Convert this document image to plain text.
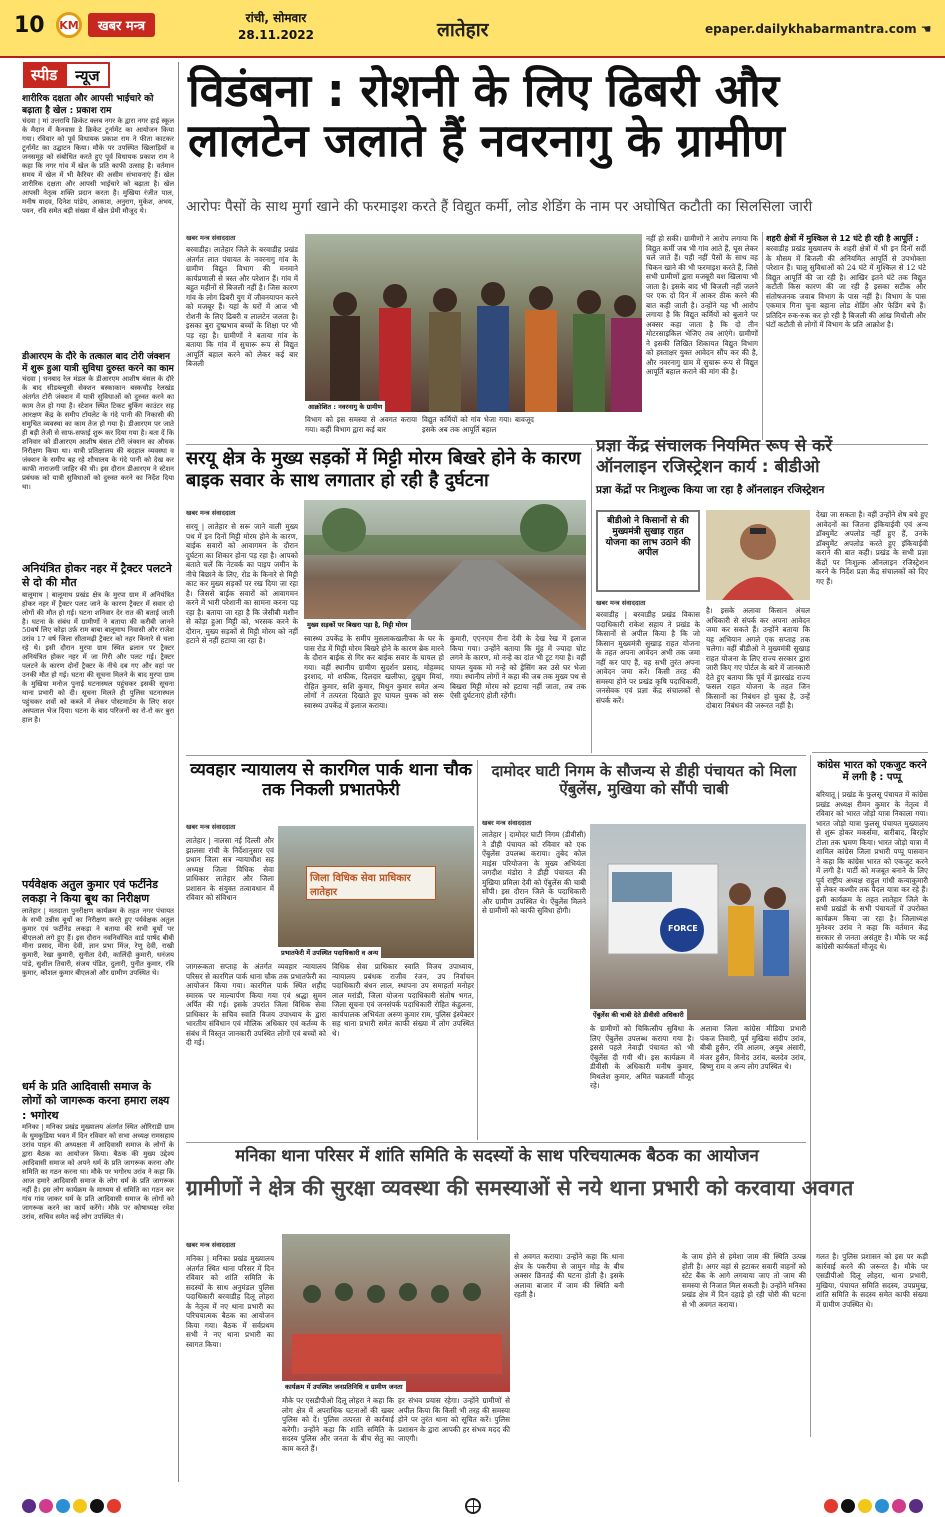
10 KM	खबर मन्त्र
रांची, सोमवार
28.11.2022	लातेहार	epaper.dailykhabarmantra.com ☚
स्पीड	न्यूज
शारीरिक दक्षता और आपसी भाईचारे को बढ़ाता है खेल : प्रकाश राम
चंदवा | मां उत्तरायि क्रिकेट क्लब नगर के द्वारा नगर हाई स्कूल के मैदान में कैनवास डे क्रिकेट टूर्नामेंट का आयोजन किया गया। रविवार को पूर्व विधायक प्रकाश राम ने फीता काटकर टूर्नामेंट का उद्घाटन किया। मौके पर उपस्थित खिलाड़ियों व जनसमूह को संबोधित करते हुए पूर्व विधायक प्रकाश राम ने कहा कि नगर गांव में खेल के प्रति काफी उत्साह है। वर्तमान समय में खेल में भी कैरियर की असीम संभावनाएं हैं। खेल शारीरिक दक्षता और आपसी भाईचारे को बढ़ाता है। खेल आपसी नेतृत्व शक्ति प्रदान करता है। मुखिया रंजीत पाल, मनीष यादव, दिनेश पांडेय, आकाश, अनुराग, मुकेश, अभय, पवन, रवि समेत बड़ी संख्या में खेल प्रेमी मौजूद थे।
डीआरएम के दौरे के तत्काल बाद टोरी जंक्शन में शुरू हुआ यात्री सुविधा दुरुस्त करने का काम
चंदवा | धनबाद रेल मंडल के डीआरएम आशीष बंसल के दौरे के बाद सीडब्ल्यूसी सेक्शन बस्काकान बस्कचौड़ रेलखंड अंतर्गत टोरी जंक्शन में यात्री सुविधाओं को दुरुस्त करने का काम तेज हो गया है। स्टेशन स्थित टिकट बुकिंग काउंटर सह आरक्षण केंद्र के समीप टॉयलेट के गंदे पानी की निकासी की समुचित व्यवस्था का काम तेज हो गया है। डीआरएम पर जाते ही बड़ी तेजी से साफ-सफाई शुरू कर दिया गया है। बता दें कि शनिवार को डीआरएम आशीष बंसल टोरी जंक्शन का औचक निरीक्षण किया था। यात्री प्रतिक्षालय की बदहाल व्यवस्था व जंक्शन के समीप बह रहे शौचालय के गंदे पानी को देख कर काफी नाराजगी जाहिर की थी। इस दौरान डीआरएम ने स्टेशन प्रबंधक को यात्री सुविधाओं को दुरुस्त करने का निर्देश दिया था।
अनियंत्रित होकर नहर में ट्रैक्टर पलटने से दो की मौत
बालूमाथ | बालूमाथ प्रखंड क्षेत्र के मुरपा ग्राम में अनियंत्रित होकर नहर में ट्रैक्टर पलट जाने के कारण ट्रैक्टर में सवार दो लोगों की मौत हो गई। घटना शनिवार देर रात की बताई जाती है। घटना के संबंध में ग्रामीणों ने बताया की करीबी जानने 50वर्ष लिए कोड़ा उर्फ़ राम बाबा बालूमाथ निवासी और राजेश उरांव 17 वर्ष जिला सीतामढ़ी ट्रैक्टर को नहर किनारे से चला रहे थे। इसी दौरान मुरपा ग्राम स्थित ढलान पर ट्रैक्टर अनियंत्रित होकर नहर में जा गिरी और पलट गई। ट्रैक्टर पलटने के कारण दोनों ट्रैक्टर के नीचे दब गए और वहां पर उनकी मौत हो गई। घटना की सूचना मिलने के बाद मुरपा ग्राम के मुखिया मनोज पुनाई घटनास्थल पहुंचकर इसकी सूचना थाना प्रभारी को दी। सूचना मिलते ही पुलिस घटनास्थल पहुंचकर शवों को कब्जे में लेकर पोस्टमार्टम के लिए सदर अस्पताल भेज दिया। घटना के बाद परिजनों का रो-रो कर बुरा हाल है।
पर्यवेक्षक अतुल कुमार एवं फर्टीनेड लकड़ा ने किया बूथ का निरीक्षण
लातेहार | मतदाता पुनरीक्षण कार्यक्रम के तहत नगर पंचायत के सभी उन्नीस बूथों का निरीक्षण करते हुए पर्यवेक्षक अतुल कुमार एवं फर्टीनेड लकड़ा ने बताया की सभी बूथों पर बीएलओ लगे हुए हैं। इस दौरान नवनिर्वाचित वार्ड पार्षद बीबी मीना प्रसाद, मीना देवी, ज्ञान प्रभा मिंज, रेणु देवी, राखी कुमारी, रेखा कुमारी, सुनीता देवी, कालिंदी कुमारी, धनंजय पांडे, सुशील तिवारी, संजय पंडित, दुलारी, पुनीत कुमार, रवि कुमार, कौशल कुमार बीएलओ और ग्रामीण उपस्थित थे।
धर्म के प्रति आदिवासी समाज के लोगों को जागरूक करना हमारा लक्ष्य : भगोरथ
मनिका | मनिका प्रखंड मुख्यालय अंतर्गत स्थित ओरिराडी ग्राम के धुमकुडिया भवन में दिन रविवार को सभा अध्यक्ष रामसहाय उरांव पाहन की अध्यक्षता में आदिवासी समाज के लोगों के द्वारा बैठक का आयोजन किया। बैठक की मुख्य उद्देश्य आदिवासी समाज को अपने धर्म के प्रति जागरूक करना और समिति का गठन करना था। मौके पर भगोरथ उरांव ने कहा कि आज हमारे आदिवासी समाज के लोग धर्म के प्रति जागरूक नहीं है। इस लोग कार्यक्रम के माध्यम से समिति का गठन कर गांव गांव जाकर धर्म के प्रति आदिवासी समाज के लोगों को जागरूक करने का कार्य करेंगे। मौके पर कोषाध्यक्ष रमेश उरांव, सचिव समेत कई लोग उपस्थित थे।
विडंबना : रोशनी के लिए ढिबरी और
लालटेन जलाते हैं नवरनागु के ग्रामीण
आरोपः पैसों के साथ मुर्गा खाने की फरमाइश करते हैं विद्युत कर्मी, लोड शेडिंग के नाम पर अघोषित कटौती का सिलसिला जारी
खबर मन्त्र संवाददाता
बरवाडीह। लातेहार जिले के बरवाडीह प्रखंड अंतर्गत लात पंचायत के नवरनागु गांव के ग्रामीण विद्युत विभाग की मनमाने कार्यप्रणाली से त्रस्त और परेशान हैं। गांव में बहुत महीनों से बिजली नहीं है। जिस कारण गांव के लोग ढिबरी युग में जीवनयापन करने को मजबूर हैं। यहां के घरों में आज भी रोशनी के लिए ढिबरी व लालटेन जलता है। इसका बुरा दुष्प्रभाव बच्चों के शिक्षा पर भी पड़ रहा है। ग्रामीणों ने बताया गांव के बताया कि गांव में सुचारू रूप से विद्युत आपूर्ति बहाल करने को लेकर कई बार बिजली
आक्रोशित : नवरनागु के ग्रामीण
विभाग को इस समस्या से अवगत कराया गया। कहीं विभाग द्वारा कई बार
विद्युत कर्मियों को गांव भेजा गया। बावजूद इसके अब तक आपूर्ति बहाल
नहीं हो सकी। ग्रामीणों ने आरोप लगाया कि विद्युत कर्मी जब भी गांव आते हैं, घूस लेकर चले जाते हैं। यही नहीं पैसों के साथ वह चिकन खाने की भी फरमाइश करते हैं, जिसे सभी ग्रामीणों द्वारा मजबूरी वश खिलाया भी जाता है। इसके बाद भी बिजली नहीं जलने पर एक दो दिन में आकर ठीक करने की बात कही जाती है। उन्होंने यह भी आरोप लगाया है कि विद्युत कर्मियों को बुलाने पर अक्सर कहा जाता है कि दो तीन मोटरसाइकिल भेजिए तब आएंगे। ग्रामीणों ने इसकी लिखित शिकायत विद्युत विभाग को हस्ताक्षर युक्त आवेदन सौंप कर की है, और नवरनागु ग्राम में सुचारू रूप से विद्युत आपूर्ति बहाल कराने की मांग की है।
शहरी क्षेत्रों में मुश्किल से 12 घंटे ही रही है आपूर्ति :
बरवाडीह प्रखंड मुख्यालय के शहरी क्षेत्रों में भी इन दिनों सर्दी के मौसम में बिजली की अनियमित आपूर्ति से उपभोक्ता परेशान हैं। चालू सुविधाओं को 24 घंटे में मुश्किल से 12 घंटे विद्युत आपूर्ति की जा रही है। आखिर इतने घंटे तक विद्युत कटौती किस कारण की जा रही है इसका सटीक और संतोषजनक जवाब विभाग के पास नहीं है। विभाग के पास एकमात्र गिना चुना बहाना लोड शेडिंग और फेडिंग बचे हैं। प्रतिदिन रुक-रुक कर हो रही है बिजली की आंख मिचौली और घंटों कटौती से लोगों में विभाग के प्रति आक्रोश है।
सरयू क्षेत्र के मुख्य सड़कों में मिट्टी मोरम बिखरे होने के कारण बाइक सवार के साथ लगातार हो रही है दुर्घटना
खबर मन्त्र संवाददाता
सरयू | लातेहार से सरू जाने वाली मुख्य पथ में इन दिनों मिट्टी मोरम होने के कारण, बाईक सवारों को आवागमन के दौरान दुर्घटना का शिकार होना पड़ रहा है। आपको बताते चलें कि नेटवर्क का पाइप जमीन के नीचे बिछाने के लिए, रोड के किनारे से मिट्टी काट कर मुख्य सड़कों पर रख दिया जा रहा है। जिससे बाईक सवारों को आवागमन करने में भारी परेशानी का सामना करना पड़ रहा है। बताया जा रहा है कि जेसीबी मशीन से कोड़ा हुआ मिट्टी को, भरसक करने के दौरान, मुख्य सड़कों से मिट्टी मोरम को नहीं हटाने से नहीं हटाया जा रहा है।
मुख्य सड़कों पर बिखरा पड़ा है, मिट्टी मोरम
स्वास्थ्य उपकेंद्र के समीप मुसलाकखलीफा के घर के पास रोड में मिट्टी मोरम बिखरे होने के कारण ब्रेक मारने के दौरान बाईक से गिर कर बाईक सवार के घायल हो गया। वहीं स्थानीय ग्रामीण सुदर्शन प्रसाद, मोहम्मद इरशाद, मो शफीक, दिलदार खलीफा, दुखुम मियां, रोहित कुमार, सशि कुमार, मिथुन कुमार समेत अन्य लोगों ने तत्परता दिखाते हुए घायल युवक को सरू स्वास्थ्य उपकेंद्र में इलाज कराया।
कुमारी, एएनएम रीना देवी के देख रेख में इलाज किया गया। उन्होंने बताया कि मुंह में ज्यादा चोट लगने के कारण, मो नन्हे का दांत भी टूट गया है। वहीं घायल युवक मो नन्हे को ड्रेसिंग कर उसे घर भेजा गया। स्थानीय लोगों ने कहा की जब तक मुख्य पथ से बिखरा मिट्टी मोरम को हटाया नहीं जाता, तब तक ऐसी दुर्घटनाएं होती रहेंगी।
प्रज्ञा केंद्र संचालक नियमित रूप से करें
ऑनलाइन रजिस्ट्रेशन कार्य : बीडीओ
प्रज्ञा केंद्रों पर निःशुल्क किया जा रहा है ऑनलाइन रजिस्ट्रेशन
बीडीओ ने किसानों से की मुख्यमंत्री सुखाड़ राहत योजना का लाभ उठाने की अपील
खबर मन्त्र संवाददाता
बरवाडीह | बरवाडीह प्रखंड विकास पदाधिकारी राकेश सहाय ने प्रखंड के किसानों से अपील किया है कि जो किसान मुख्यमंत्री सुखाड़ राहत योजना के तहत अपना आवेदन अभी तक जमा नहीं कर पाए हैं, वह सभी तुरंत अपना आवेदन जमा करें। किसी तरह की समस्या होने पर प्रखंड कृषि पदाधिकारी, जनसेवक एवं प्रज्ञा केंद्र संचालकों से संपर्क करें।
है। इसके अलावा किसान अंचल अधिकारी से संपर्क कर अपना आवेदन जमा कर सकते हैं। उन्होंने बताया कि यह अभियान अगले एक सप्ताह तक चलेगा। वहीं बीडीओ ने मुख्यमंत्री सुखाड़ राहत योजना के लिए राज्य सरकार द्वारा जारी किए गए पोर्टल के बारे में जानकारी देते हुए बताया कि पूर्व में झारखंड राज्य फसल राहत योजना के तहत जिन किसानों का निबंधन हो चुका है, उन्हें दोबारा निबंधन की जरूरत नहीं है।
देखा जा सकता है। वहीं उन्होंने शेष बचे हुए आवेदनों का जितना इंकियाईवी एवं अन्य डॉक्युमेंट अपलोड नहीं हुए हैं, उनके डॉक्युमेंट अपलोड करते हुए इंकियाईवी कराने की बात कही। प्रखंड के सभी प्रज्ञा केंद्रों पर निःशुल्क ऑनलाइन रजिस्ट्रेशन करने के निर्देश प्रज्ञा केंद्र संचालकों को दिए गए हैं।
कांग्रेस भारत को एकजुट करने में लगी है : पप्पू
बरियातू | प्रखंड के फुलसू पंचायत में कांग्रेस प्रखंड अध्यक्ष रीमन कुमार के नेतृत्व में रविवार को भारत जोड़ो यात्रा निकाला गया। भारत जोड़ो यात्रा फुलसू पंचायत मुख्यालय से शुरू होकर मकर्समा, बारीबाद, बिरहोर टोला तक भ्रमण किया। भारत जोड़ो यात्रा में शामिल कांग्रेस जिला प्रभारी पप्पू पासवान ने कहा कि कांग्रेस भारत को एकजुट करने में लगी है। पार्टी को मजबूत बनाने के लिए पूर्व राष्ट्रीय अध्यक्ष राहुल गांधी कन्याकुमारी से लेकर कश्मीर तक पैदल यात्रा कर रहे हैं। इसी कार्यक्रम के तहत लातेहार जिले के सभी प्रखंडों के सभी पंचायतों में उपरोक्त कार्यक्रम किया जा रहा है। जिलाध्यक्ष मुनेश्वर उरांव ने कहा कि वर्तमान केंद्र सरकार से जनता असंतुष्ट है। मौके पर कई कांग्रेसी कार्यकर्ता मौजूद थे।
व्यवहार न्यायालय से कारगिल पार्क थाना चौक तक निकली प्रभातफेरी
खबर मन्त्र संवाददाता
लातेहार | नालसा नई दिल्ली और झालसा रांची के निर्देशानुसार एवं प्रधान जिला सत्र न्यायाधीश सह अध्यक्ष जिला विधिक सेवा प्राधिकार लातेहार और जिला प्रशासन के संयुक्त तत्वावधान में रविवार को संविधान
जिला विधिक सेवा प्राधिकार लातेहार
प्रभातफेरी में उपस्थित पदाधिकारी व अन्य
जागरूकता सप्ताह के अंतर्गत व्यवहार न्यायालय परिसर से कारगिल पार्क थाना चौक तक प्रभातफेरी का आयोजन किया गया। कारगिल पार्क स्थित शहीद स्मारक पर माल्यार्पण किया गया एवं श्रद्धा सुमन अर्पित की गई। इसके उपरांत जिला विधिक सेवा प्राधिकार के सचिव स्वाति विजय उपाध्याय के द्वारा भारतीय संविधान एवं मौलिक अधिकार एवं कर्तव्य के संबंध में विस्तृत जानकारी उपस्थित लोगों एवं बच्चों को दी गई।
विधिक सेवा प्राधिकार स्वाति विजय उपाध्याय, न्यायालय प्रबंधक राजीव रंजन, उप निर्वाचन पदाधिकारी बंधन लाल, स्थापना उप समाहर्ता मनोहर लाल मरांडी, जिला योजना पदाधिकारी संतोष भगत, जिला सूचना एवं जनसंपर्क पदाधिकारी रोहित कंडुलना, कार्यपालक अभियंता अरुण कुमार राम, पुलिस इंस्पेक्टर सह थाना प्रभारी समेत काफी संख्या में लोग उपस्थित थे।
दामोदर घाटी निगम के सौजन्य से डीही पंचायत को मिला ऐंबुलेंस, मुखिया को सौंपी चाबी
खबर मन्त्र संवाददाता
लातेहार | दामोदर घाटी निगम (डीवीसी) ने डीही पंचायत को रविवार को एक ऐंबुलेंस उपलब्ध कराया। तुबेद कोल माइंस परियोजना के मुख्य अभियंता जगदीश मंडोरा ने डीही पंचायत की मुखिया प्रमिला देवी को ऐंबुलेंस की चाबी सौंपी। इस दौरान जिले के पदाधिकारी और ग्रामीण उपस्थित थे। ऐंबुलेंस मिलने से ग्रामीणों को काफी सुविधा होगी।
FORCE
ऐंबुलेंस की चाबी देते डीवीसी अधिकारी
के ग्रामीणों को चिकित्सीय सुविधा के लिए ऐंबुलेंस उपलब्ध कराया गया है। इससे पहले नेवाड़ी पंचायत को भी ऐंबुलेंस दी गयी थी। इस कार्यक्रम में डीवीसी के अधिकारी मनीष कुमार, मिथलेश कुमार, अमित चक्रवर्ती मौजूद रहे।
अलावा जिला कांग्रेस मीडिया प्रभारी पंकज तिवारी, पूर्व मुखिया संदीप उरांव, बीबी हुसैन, रवि आलम, अयुब अंसारी, मंजर हुसैन, विनोद उरांव, बलदेव उरांव, बिष्णु राम व अन्य लोग उपस्थित थे।
मनिका थाना परिसर में शांति समिति के सदस्यों के साथ परिचयात्मक बैठक का आयोजन
ग्रामीणों ने क्षेत्र की सुरक्षा व्यवस्था की समस्याओं से नये थाना प्रभारी को करवाया अवगत
खबर मन्त्र संवाददाता
मनिका | मनिका प्रखंड मुख्यालय अंतर्गत स्थित थाना परिसर में दिन रविवार को शांति समिति के सदस्यों के साथ अनुमंडल पुलिस पदाधिकारी बरवाडीह दिलू लोहरा के नेतृत्व में नए थाना प्रभारी का परिचयात्मक बैठक का आयोजन किया गया। बैठक में सर्वप्रथम सभी ने नए थाना प्रभारी का स्वागत किया।
कार्यक्रम में उपस्थित जनप्रतिनिधि व ग्रामीण जनता
मौके पर एसडीपीओ दिलू लोहरा ने कहा कि लोग क्षेत्र में अपराधिक घटनाओं की खबर पुलिस को दें। पुलिस तत्परता से कार्रवाई करेगी। उन्होंने कहा कि शांति समिति के सदस्य पुलिस और जनता के बीच सेतु का काम करते हैं।
हर संभव प्रयास रहेगा। उन्होंने ग्रामीणों से अपील किया कि किसी भी तरह की समस्या होने पर तुरंत थाना को सूचित करें। पुलिस प्रशासन के द्वारा आपकी हर संभव मदद की जाएगी।
से अवगत कराया। उन्होंने कहा कि थाना क्षेत्र के पकरीया से जामुन मोड़ के बीच अक्सर छिनतई की घटना होती है। इसके अलावा बाजार में जाम की स्थिति बनी रहती है।
के जाम होने से हमेशा जाम की स्थिति उत्पन्न होती है। अगर वहां से हटाकर सवारी वाहनों को स्टेट बैंक के आगे लगवाया जाए तो जाम की समस्या से निजात मिल सकती है। उन्होंने मनिका प्रखंड क्षेत्र में दिन दहाड़े हो रही चोरी की घटना से भी अवगत कराया।
गलत है। पुलिस प्रशासन को इस पर कड़ी कार्रवाई करने की जरूरत है। मौके पर एसडीपीओ दिलू लोहरा, थाना प्रभारी, मुखिया, पंचायत समिति सदस्य, उपप्रमुख, शांति समिति के सदस्य समेत काफी संख्या में ग्रामीण उपस्थित थे।
